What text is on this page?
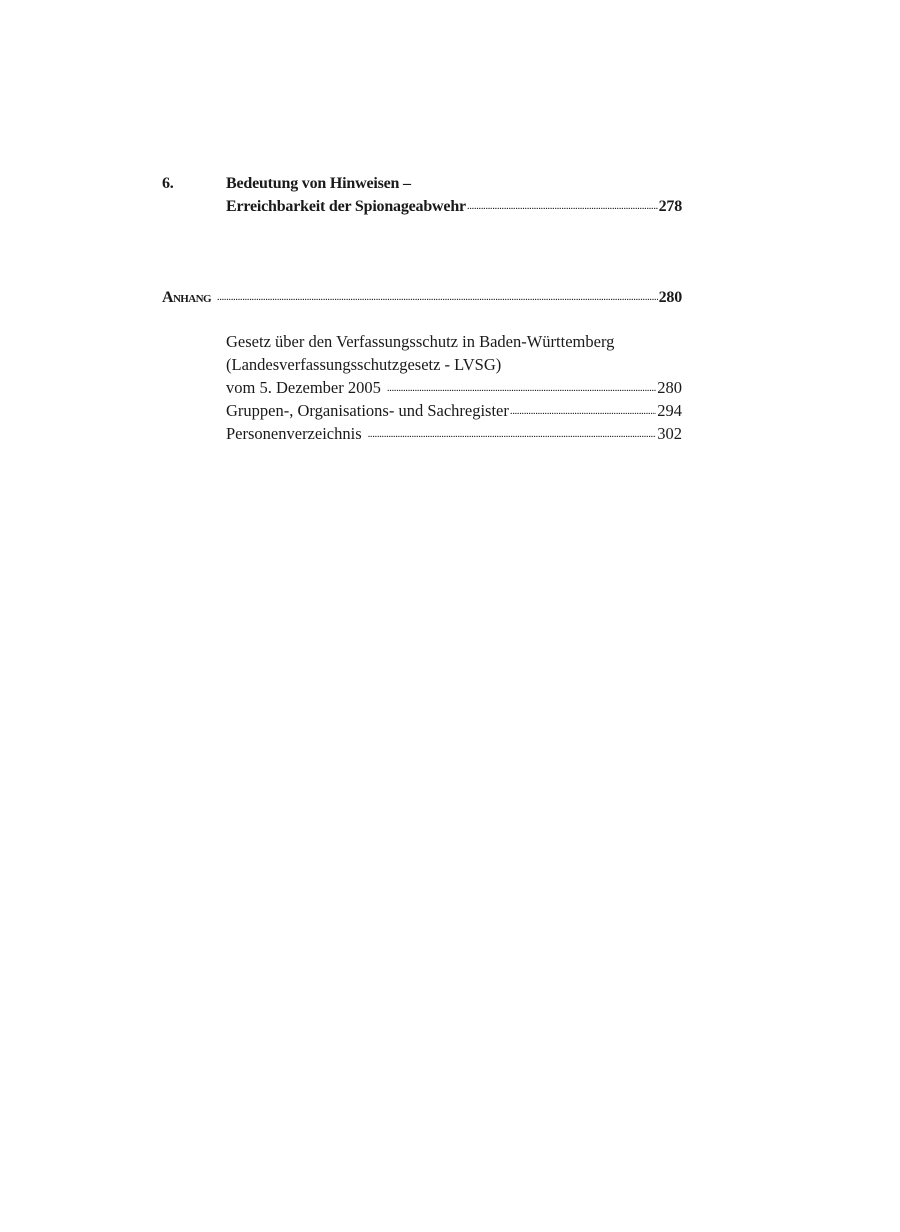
6.	Bedeutung von Hinweisen –
Erreichbarkeit der Spionageabwehr . . .	278
Anhang . . .	280
Gesetz über den Verfassungsschutz in Baden-Württemberg
(Landesverfassungsschutzgesetz - LVSG)
vom 5. Dezember 2005 . . .	280
Gruppen-, Organisations- und Sachregister . . .	294
Personenverzeichnis . . .	302
